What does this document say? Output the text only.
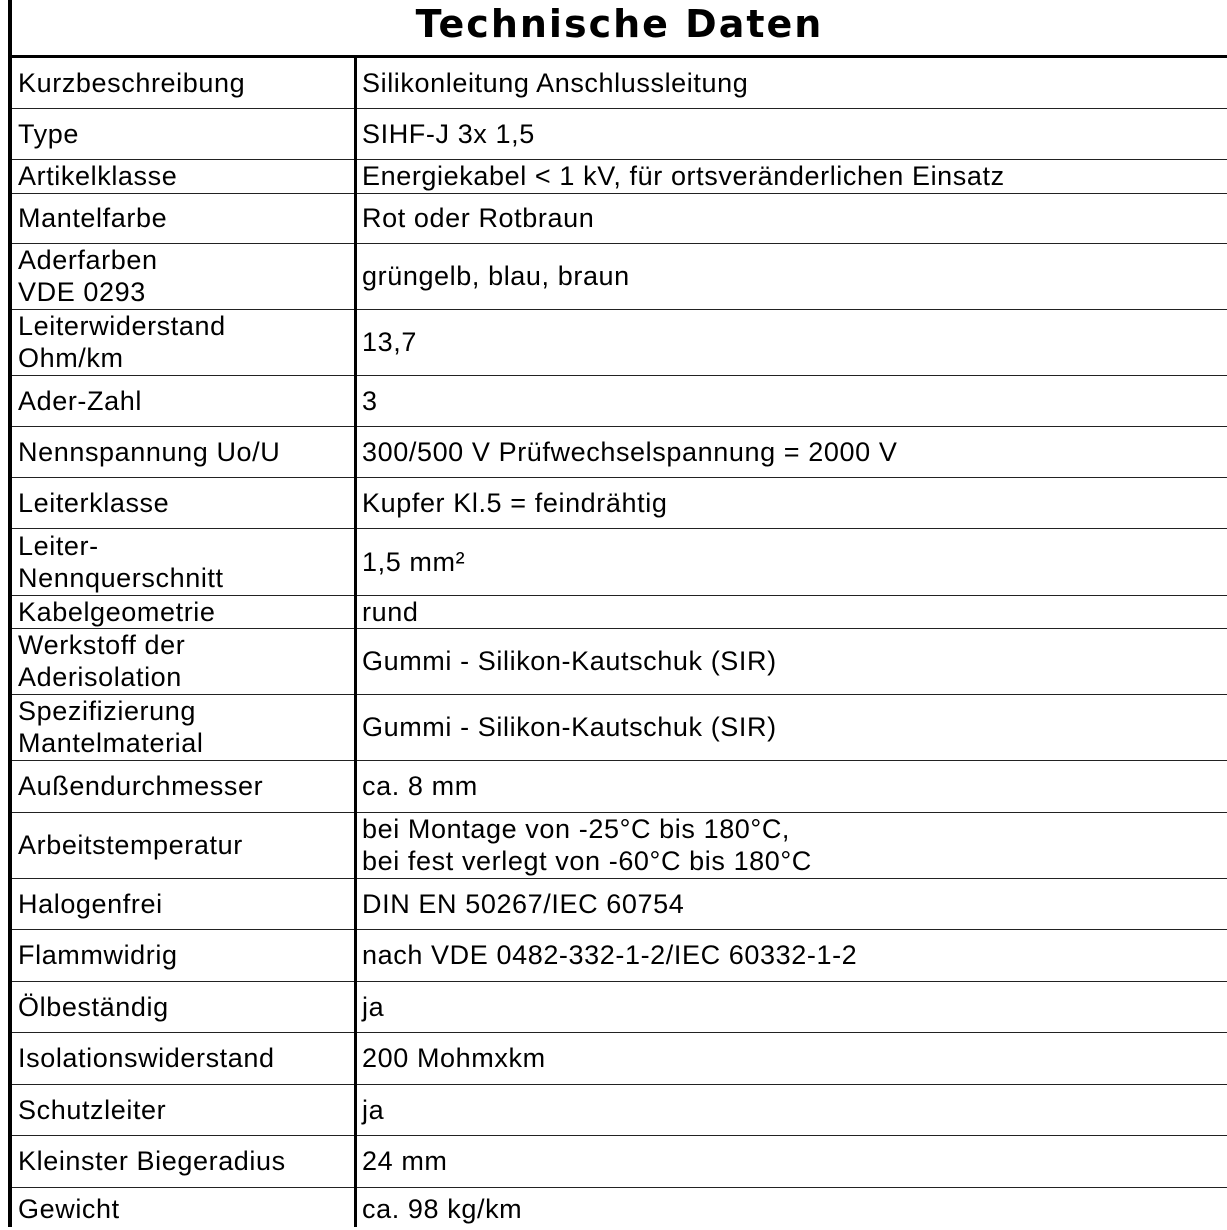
Technische Daten
Kurzbeschreibung	Silikonleitung Anschlussleitung

Type	SIHF-J 3x 1,5

Artikelklasse	Energiekabel < 1 kV, für ortsveränderlichen Einsatz

Mantelfarbe	Rot oder Rotbraun

Aderfarben
VDE 0293	grüngelb, blau, braun

Leiterwiderstand
Ohm/km	13,7

Ader-Zahl	3

Nennspannung Uo/U	300/500 V Prüfwechselspannung = 2000 V

Leiterklasse	Kupfer Kl.5 = feindrähtig

Leiter-
Nennquerschnitt	1,5 mm²

Kabelgeometrie	rund

Werkstoff der
Aderisolation	Gummi - Silikon-Kautschuk (SIR)

Spezifizierung
Mantelmaterial	Gummi - Silikon-Kautschuk (SIR)

Außendurchmesser	ca. 8 mm

Arbeitstemperatur	bei Montage von -25°C bis 180°C,
bei fest verlegt von -60°C bis 180°C

Halogenfrei	DIN EN 50267/IEC 60754

Flammwidrig	nach VDE 0482-332-1-2/IEC 60332-1-2

Ölbeständig	ja

Isolationswiderstand	200 Mohmxkm

Schutzleiter	ja

Kleinster Biegeradius	24 mm

Gewicht	ca. 98 kg/km
